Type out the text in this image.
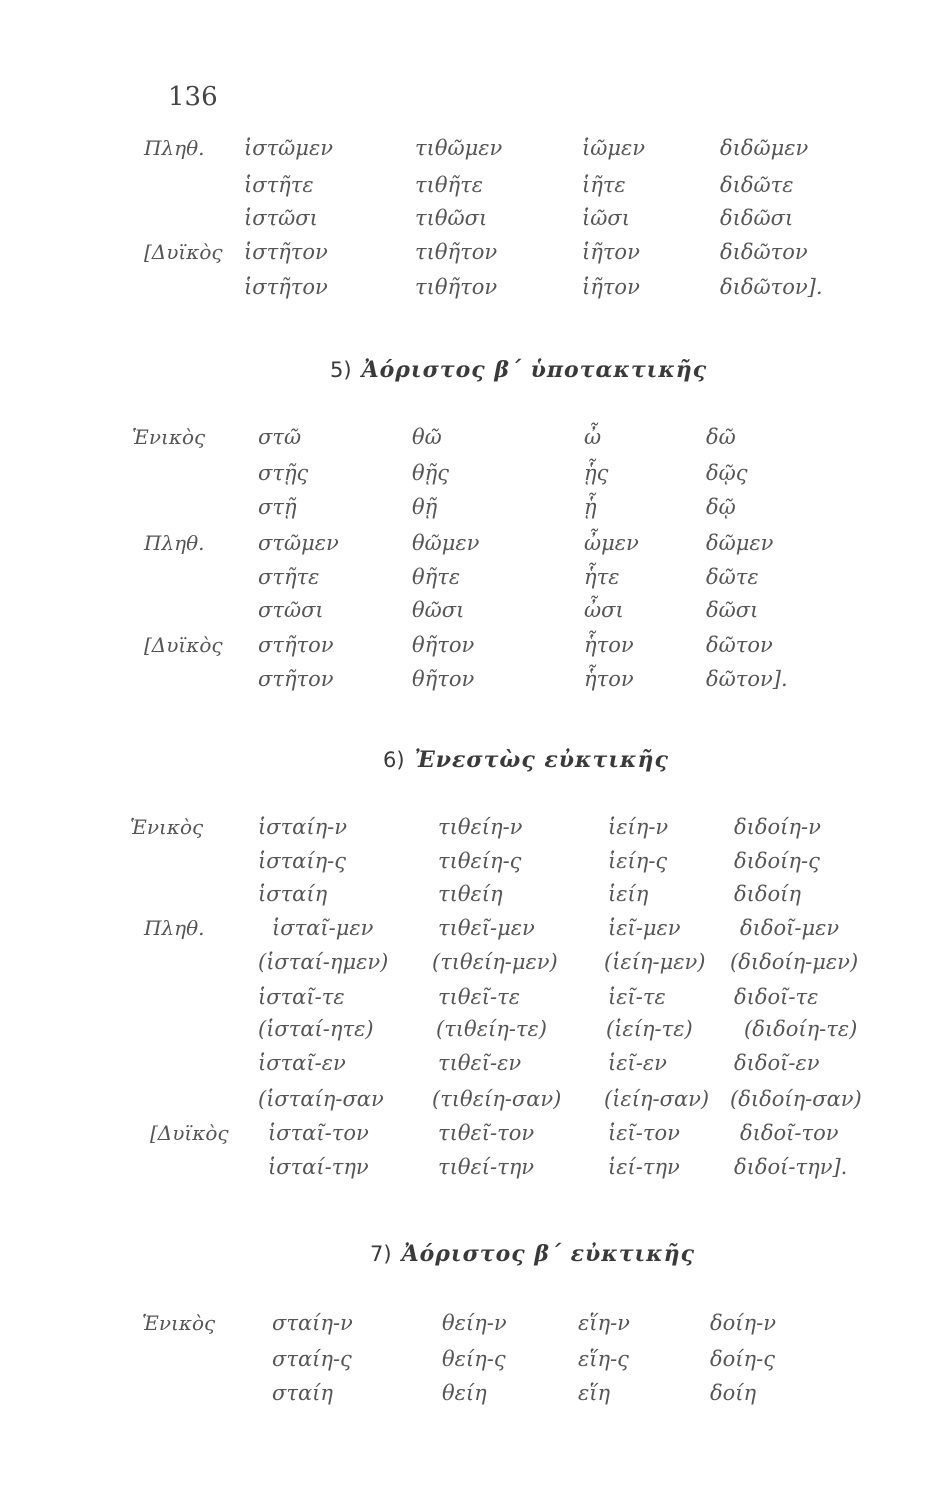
136
Πληθ. ἱστῶμεν	τιθῶμεν	ἱῶμεν	διδῶμεν
ἱστῆτε	τιθῆτε	ἱῆτε	διδῶτε
ἱστῶσι	τιθῶσι	ἱῶσι	διδῶσι
[Δυϊκὸς ἱστῆτον	τιθῆτον	ἱῆτον	διδῶτον
ἱστῆτον	τιθῆτον	ἱῆτον	διδῶτον].
5) Ἀόριστος β´ ὑποτακτικῆς
Ἑνικὸς	στῶ	θῶ	ὦ	δῶ
στῇς	θῇς	ᾗς	δῷς
στῇ	θῇ	ᾗ	δῷ
Πληθ.	στῶμεν	θῶμεν	ὦμεν	δῶμεν
στῆτε	θῆτε	ἧτε	δῶτε
στῶσι	θῶσι	ὦσι	δῶσι
[Δυϊκὸς στῆτον	θῆτον	ἧτον	δῶτον
στῆτον	θῆτον	ἧτον	δῶτον].
6) Ἐνεστὼς εὐκτικῆς
Ἑνικὸς	ἱσταίη-ν	τιθείη-ν	ἱείη-ν	διδοίη-ν
ἱσταίη-ς	τιθείη-ς	ἱείη-ς	διδοίη-ς
ἱσταίη	τιθείη	ἱείη	διδοίη
Πληθ.	ἱσταῖ-μεν	τιθεῖ-μεν	ἱεῖ-μεν	διδοῖ-μεν
(ἱσταί-ημεν) (τιθείη-μεν) (ἱείη-μεν) (διδοίη-μεν)
ἱσταῖ-τε	τιθεῖ-τε	ἱεῖ-τε	διδοῖ-τε
(ἱσταί-ητε)	(τιθείη-τε)	(ἱείη-τε) (διδοίη-τε)
ἱσταῖ-εν	τιθεῖ-εν	ἱεῖ-εν	διδοῖ-εν
(ἱσταίη-σαν (τιθείη-σαν) (ἱείη-σαν) (διδοίη-σαν)
[Δυϊκὸς ἱσταῖ-τον	τιθεῖ-τον	ἱεῖ-τον	διδοῖ-τον
ἱσταί-την	τιθεί-την	ἱεί-την	διδοί-την].
7) Ἀόριστος β´ εὐκτικῆς
Ἑνικὸς	σταίη-ν	θείη-ν	εἵη-ν	δοίη-ν
σταίη-ς	θείη-ς	εἵη-ς	δοίη-ς
σταίη	θείη	εἵη	δοίη
